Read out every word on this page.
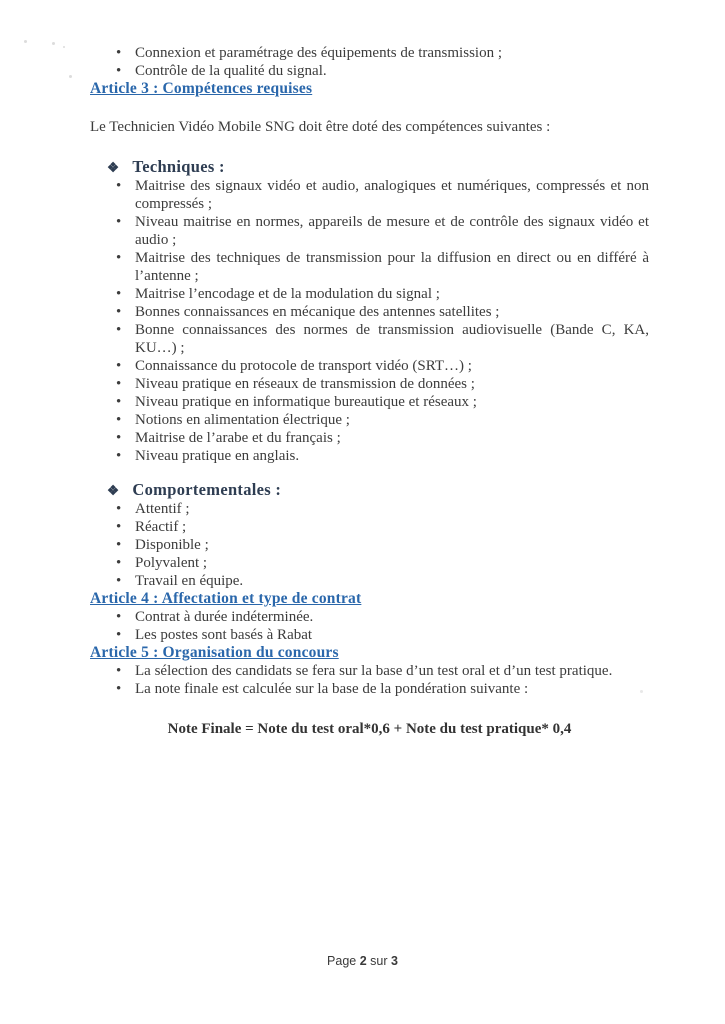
• Connexion et paramétrage des équipements de transmission ;
• Contrôle de la qualité du signal.
Article 3 : Compétences requises

Le Technicien Vidéo Mobile SNG doit être doté des compétences suivantes :

❖ Techniques :
• Maitrise des signaux vidéo et audio, analogiques et numériques, compressés et non compressés ;
• Niveau maitrise en normes, appareils de mesure et de contrôle des signaux vidéo et audio ;
• Maitrise des techniques de transmission pour la diffusion en direct ou en différé à l’antenne ;
• Maitrise l’encodage et de la modulation du signal ;
• Bonnes connaissances en mécanique des antennes satellites ;
• Bonne connaissances des normes de transmission audiovisuelle (Bande C, KA, KU…) ;
• Connaissance du protocole de transport vidéo (SRT…) ;
• Niveau pratique en réseaux de transmission de données ;
• Niveau pratique en informatique bureautique et réseaux ;
• Notions en alimentation électrique ;
• Maitrise de l’arabe et du français ;
• Niveau pratique en anglais.
❖ Comportementales :
• Attentif ;
• Réactif ;
• Disponible ;
• Polyvalent ;
• Travail en équipe.
Article 4 : Affectation et type de contrat
• Contrat à durée indéterminée.
• Les postes sont basés à Rabat
Article 5 : Organisation du concours
• La sélection des candidats se fera sur la base d’un test oral et d’un test pratique.
• La note finale est calculée sur la base de la pondération suivante :

Note Finale = Note du test oral*0,6 + Note du test pratique* 0,4

Page 2 sur 3
